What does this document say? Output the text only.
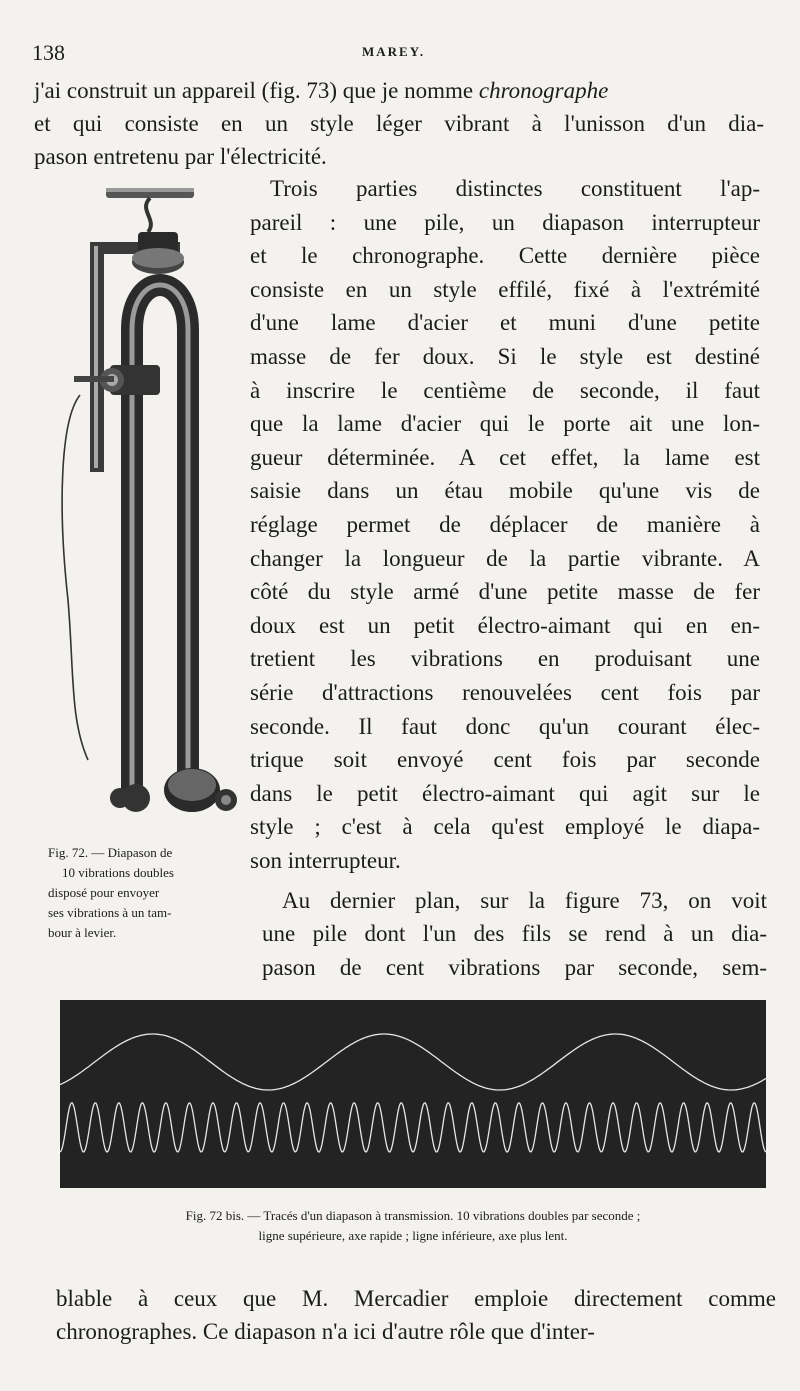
138	MAREY.
j'ai construit un appareil (fig. 73) que je nomme chronographe
et qui consiste en un style léger vibrant à l'unisson d'un dia-
pason entretenu par l'électricité.
Trois parties distinctes constituent l'ap-
pareil : une pile, un diapason interrupteur
et le chronographe. Cette dernière pièce
consiste en un style effilé, fixé à l'extrémité
d'une lame d'acier et muni d'une petite
masse de fer doux. Si le style est destiné
à inscrire le centième de seconde, il faut
que la lame d'acier qui le porte ait une lon-
gueur déterminée. A cet effet, la lame est
saisie dans un étau mobile qu'une vis de
réglage permet de déplacer de manière à
changer la longueur de la partie vibrante. A
côté du style armé d'une petite masse de fer
doux est un petit électro-aimant qui en en-
tretient les vibrations en produisant une
série d'attractions renouvelées cent fois par
seconde. Il faut donc qu'un courant élec-
trique soit envoyé cent fois par seconde
dans le petit électro-aimant qui agit sur le
style ; c'est à cela qu'est employé le diapa-
son interrupteur.
Au dernier plan, sur la figure 73, on voit
une pile dont l'un des fils se rend à un dia-
pason de cent vibrations par seconde, sem-
Fig. 72. — Diapason de
10 vibrations doubles
disposé pour envoyer
ses vibrations à un tam-
bour à levier.
Fig. 72 bis. — Tracés d'un diapason à transmission. 10 vibrations doubles par seconde ;
ligne supérieure, axe rapide ; ligne inférieure, axe plus lent.
blable à ceux que M. Mercadier emploie directement comme
chronographes. Ce diapason n'a ici d'autre rôle que d'inter-
